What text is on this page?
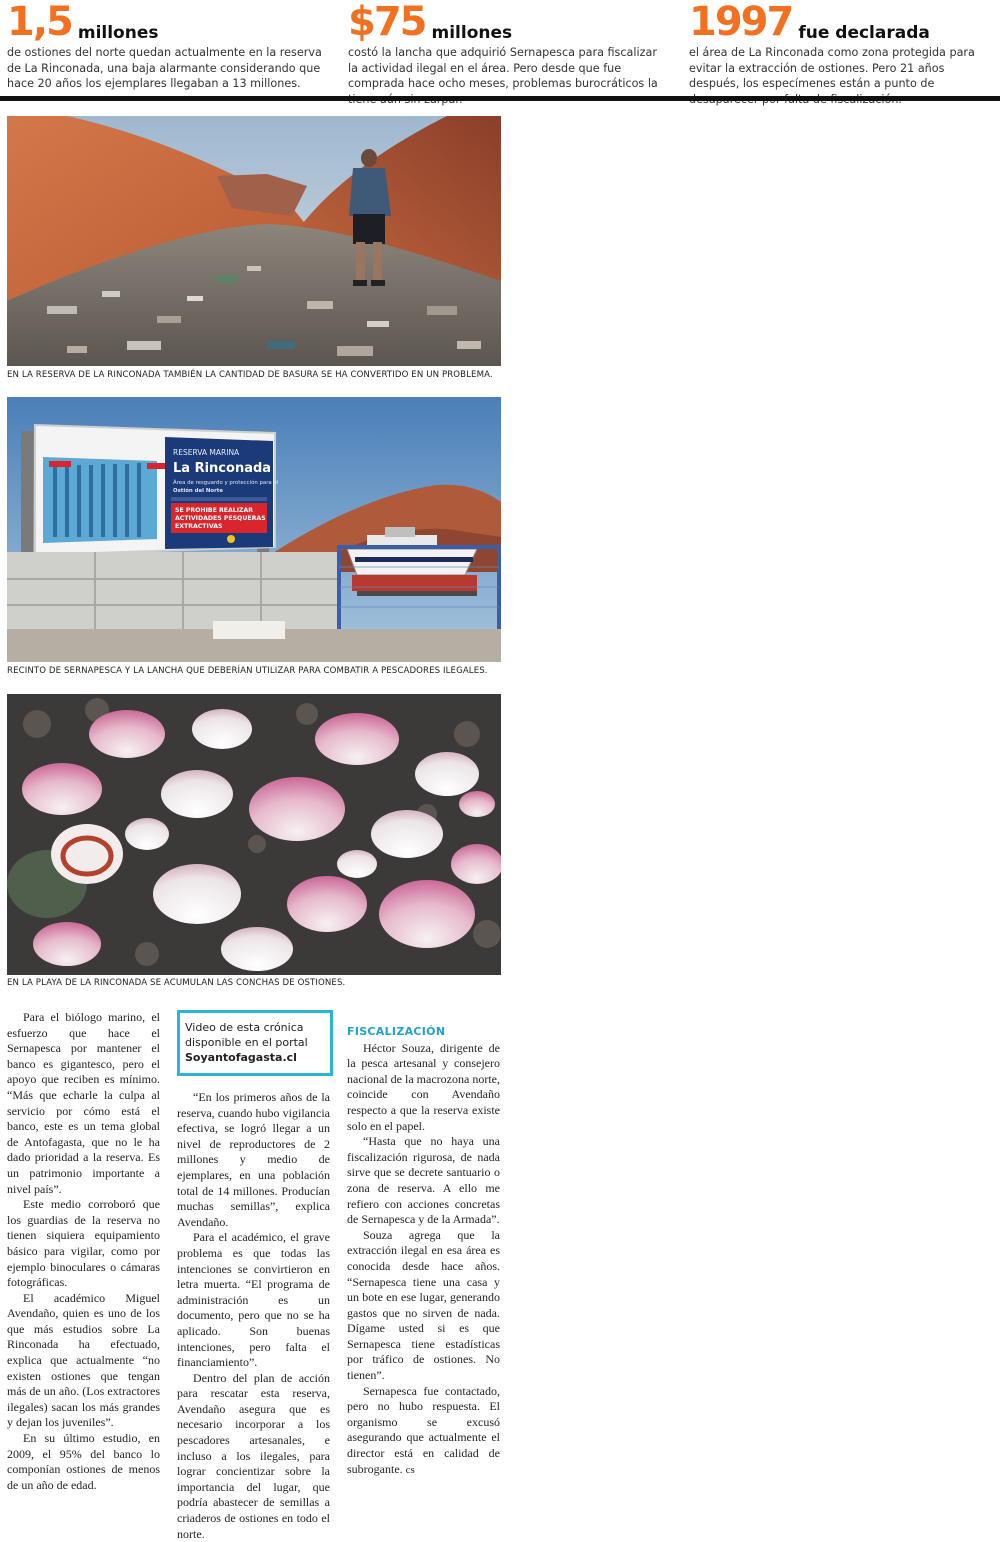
1,5 millones
de ostiones del norte quedan actualmente en la reserva de La Rinconada, una baja alarmante considerando que hace 20 años los ejemplares llegaban a 13 millones.
$75 millones
costó la lancha que adquirió Sernapesca para fiscalizar la actividad ilegal en el área. Pero desde que fue comprada hace ocho meses, problemas burocráticos la
1997 fue declarada
el área de La Rinconada como zona protegida para evitar la extracción de ostiones. Pero 21 años después, los especímenes están a punto de
EN LA RESERVA DE LA RINCONADA TAMBIÉN LA CANTIDAD DE BASURA SE HA CONVERTIDO EN UN PROBLEMA.
RESERVA MARINA
La Rinconada
Área de resguardo y protección para el
Ostión del Norte
SE PROHIBE REALIZAR
ACTIVIDADES PESQUERAS
EXTRACTIVAS
RECINTO DE SERNAPESCA Y LA LANCHA QUE DEBERÍAN UTILIZAR PARA COMBATIR A PESCADORES ILEGALES.
EN LA PLAYA DE LA RINCONADA SE ACUMULAN LAS CONCHAS DE OSTIONES.

Para el biólogo marino, el esfuerzo que hace el Sernapesca por mantener el banco es gigantesco, pero el apoyo que reciben es mínimo. “Más que echarle la culpa al servicio por cómo está el banco, este es un tema global de Antofagasta, que no le ha dado prioridad a la reserva. Es un patrimonio importante a nivel país”.

Este medio corroboró que los guardias de la reserva no tienen siquiera equipamiento básico para vigilar, como por ejemplo binoculares o cámaras fotográficas.

El académico Miguel Avendaño, quien es uno de los que más estudios sobre La Rinconada ha efectuado, explica que actualmente “no existen ostiones que tengan más de un año. (Los extractores ilegales) sacan los más grandes y dejan los juveniles”.

En su último estudio, en 2009, el 95% del banco lo componían ostiones de menos de un año de edad.

Video de esta crónica disponible en el portal
Soyantofagasta.cl

“En los primeros años de la reserva, cuando hubo vigilancia efectiva, se logró llegar a un nivel de reproductores de 2 millones y medio de ejemplares, en una población total de 14 millones. Producían muchas semillas”, explica Avendaño.

Para el académico, el grave problema es que todas las intenciones se convirtieron en letra muerta. “El programa de administración es un documento, pero que no se ha aplicado. Son buenas intenciones, pero falta el financiamiento”.

Dentro del plan de acción para rescatar esta reserva, Avendaño asegura que es necesario incorporar a los pescadores artesanales, e incluso a los ilegales, para lograr concientizar sobre la importancia del lugar, que podría abastecer de semillas a criaderos de ostiones en todo el norte.

FISCALIZACIÓN

Héctor Souza, dirigente de la pesca artesanal y consejero nacional de la macrozona norte, coincide con Avendaño respecto a que la reserva existe solo en el papel.

“Hasta que no haya una fiscalización rigurosa, de nada sirve que se decrete santuario o zona de reserva. A ello me refiero con acciones concretas de Sernapesca y de la Armada”.

Souza agrega que la extracción ilegal en esa área es conocida desde hace años. “Sernapesca tiene una casa y un bote en ese lugar, generando gastos que no sirven de nada. Dígame usted si es que Sernapesca tiene estadísticas por tráfico de ostiones. No tienen”.

Sernapesca fue contactado, pero no hubo respuesta. El organismo se excusó asegurando que actualmente el director está en calidad de subrogante. cs
